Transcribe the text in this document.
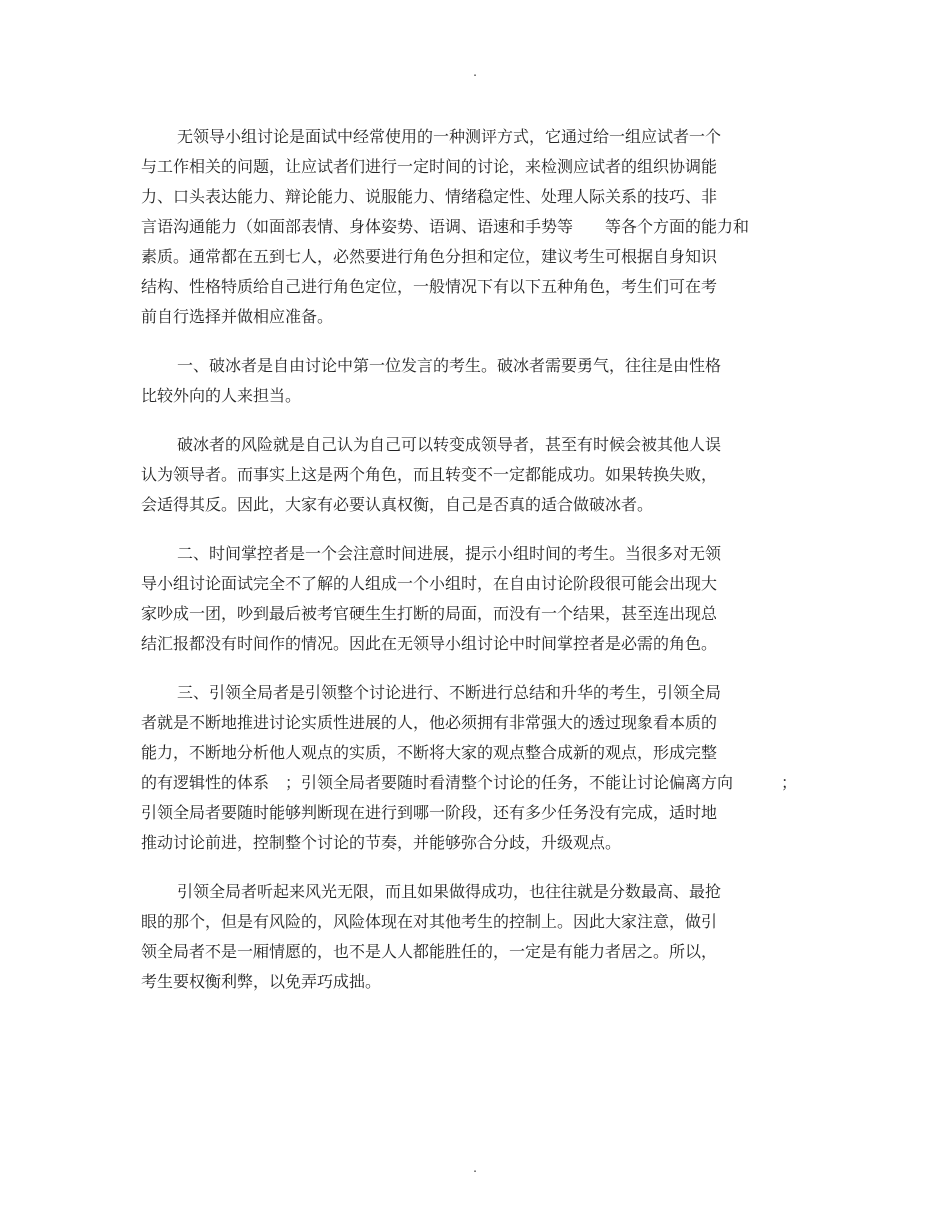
.

无领导小组讨论是面试中经常使用的一种测评方式，它通过给一组应试者一个
与工作相关的问题，让应试者们进行一定时间的讨论，来检测应试者的组织协调能
力、口头表达能力、辩论能力、说服能力、情绪稳定性、处理人际关系的技巧、非
言语沟通能力（如面部表情、身体姿势、语调、语速和手势等　　等各个方面的能力和
素质。通常都在五到七人，必然要进行角色分担和定位，建议考生可根据自身知识
结构、性格特质给自己进行角色定位，一般情况下有以下五种角色，考生们可在考
前自行选择并做相应准备。

一、破冰者是自由讨论中第一位发言的考生。破冰者需要勇气，往往是由性格
比较外向的人来担当。

破冰者的风险就是自己认为自己可以转变成领导者，甚至有时候会被其他人误
认为领导者。而事实上这是两个角色，而且转变不一定都能成功。如果转换失败，
会适得其反。因此，大家有必要认真权衡，自己是否真的适合做破冰者。

二、时间掌控者是一个会注意时间进展，提示小组时间的考生。当很多对无领
导小组讨论面试完全不了解的人组成一个小组时，在自由讨论阶段很可能会出现大
家吵成一团，吵到最后被考官硬生生打断的局面，而没有一个结果，甚至连出现总
结汇报都没有时间作的情况。因此在无领导小组讨论中时间掌控者是必需的角色。

三、引领全局者是引领整个讨论进行、不断进行总结和升华的考生，引领全局
者就是不断地推进讨论实质性进展的人，他必须拥有非常强大的透过现象看本质的
能力，不断地分析他人观点的实质，不断将大家的观点整合成新的观点，形成完整
的有逻辑性的体系　；引领全局者要随时看清整个讨论的任务，不能让讨论偏离方向　　　；
引领全局者要随时能够判断现在进行到哪一阶段，还有多少任务没有完成，适时地
推动讨论前进，控制整个讨论的节奏，并能够弥合分歧，升级观点。

引领全局者听起来风光无限，而且如果做得成功，也往往就是分数最高、最抢
眼的那个，但是有风险的，风险体现在对其他考生的控制上。因此大家注意，做引
领全局者不是一厢情愿的，也不是人人都能胜任的，一定是有能力者居之。所以，
考生要权衡利弊，以免弄巧成拙。

.
